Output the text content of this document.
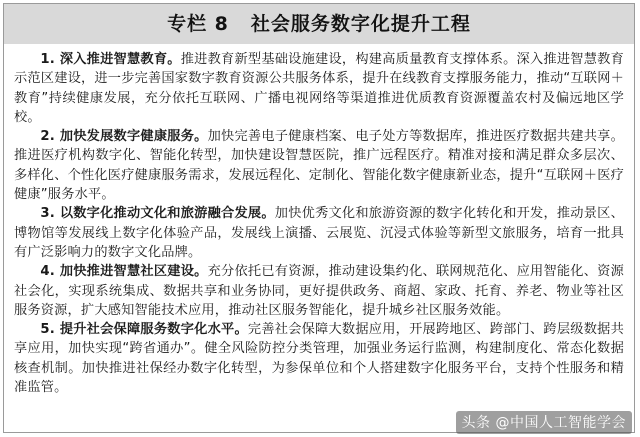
专栏 8 社会服务数字化提升工程

1. 深入推进智慧教育。推进教育新型基础设施建设，构建高质量教育支撑体系。深入推进智慧教育示范区建设，进一步完善国家数字教育资源公共服务体系，提升在线教育支撑服务能力，推动“互联网＋教育”持续健康发展，充分依托互联网、广播电视网络等渠道推进优质教育资源覆盖农村及偏远地区学校。

2. 加快发展数字健康服务。加快完善电子健康档案、电子处方等数据库，推进医疗数据共建共享。推进医疗机构数字化、智能化转型，加快建设智慧医院，推广远程医疗。精准对接和满足群众多层次、多样化、个性化医疗健康服务需求，发展远程化、定制化、智能化数字健康新业态，提升“互联网＋医疗健康”服务水平。

3. 以数字化推动文化和旅游融合发展。加快优秀文化和旅游资源的数字化转化和开发，推动景区、博物馆等发展线上数字化体验产品，发展线上演播、云展览、沉浸式体验等新型文旅服务，培育一批具有广泛影响力的数字文化品牌。

4. 加快推进智慧社区建设。充分依托已有资源，推动建设集约化、联网规范化、应用智能化、资源社会化，实现系统集成、数据共享和业务协同，更好提供政务、商超、家政、托育、养老、物业等社区服务资源，扩大感知智能技术应用，推动社区服务智能化，提升城乡社区服务效能。

5. 提升社会保障服务数字化水平。完善社会保障大数据应用，开展跨地区、跨部门、跨层级数据共享应用，加快实现“跨省通办”。健全风险防控分类管理，加强业务运行监测，构建制度化、常态化数据核查机制。加快推进社保经办数字化转型，为参保单位和个人搭建数字化服务平台，支持个性服务和精准监管。

头条 @中国人工智能学会
